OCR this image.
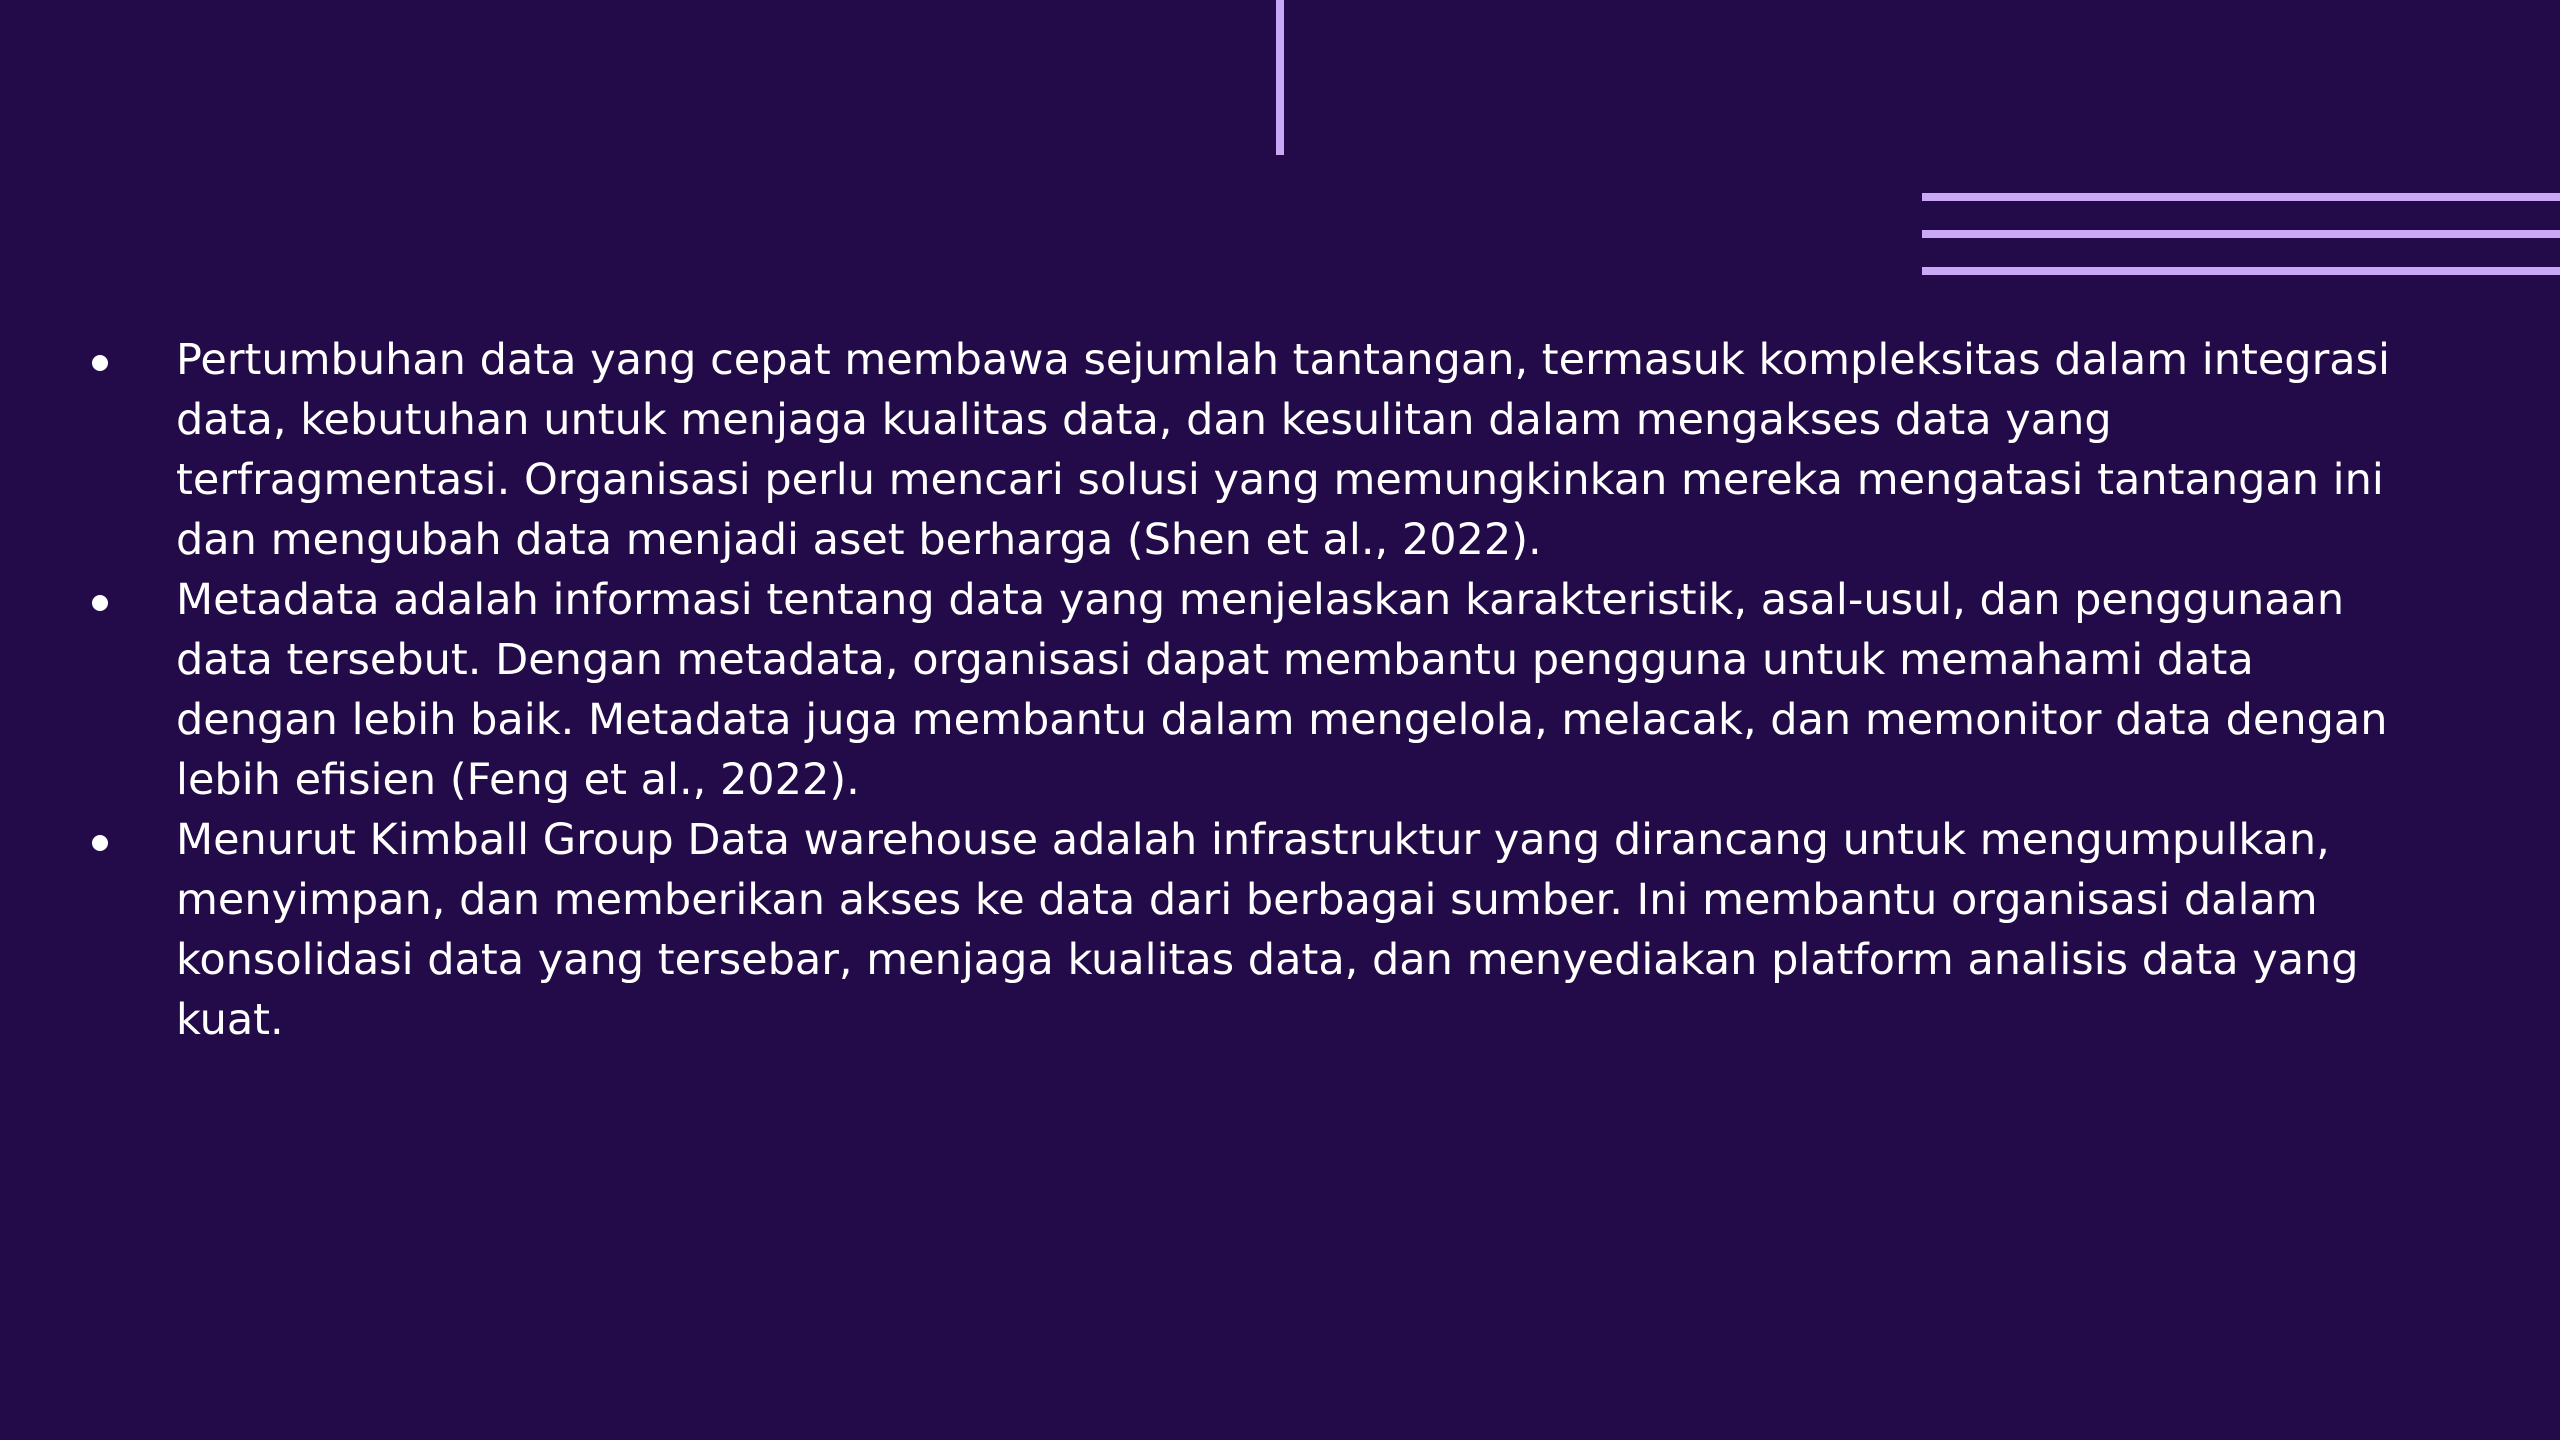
Pertumbuhan data yang cepat membawa sejumlah tantangan, termasuk kompleksitas dalam integrasi data, kebutuhan untuk menjaga kualitas data, dan kesulitan dalam mengakses data yang terfragmentasi. Organisasi perlu mencari solusi yang memungkinkan mereka mengatasi tantangan ini dan mengubah data menjadi aset berharga (Shen et al., 2022).
Metadata adalah informasi tentang data yang menjelaskan karakteristik, asal-usul, dan penggunaan data tersebut. Dengan metadata, organisasi dapat membantu pengguna untuk memahami data dengan lebih baik. Metadata juga membantu dalam mengelola, melacak, dan memonitor data dengan lebih efisien (Feng et al., 2022).
Menurut Kimball Group Data warehouse adalah infrastruktur yang dirancang untuk mengumpulkan, menyimpan, dan memberikan akses ke data dari berbagai sumber. Ini membantu organisasi dalam konsolidasi data yang tersebar, menjaga kualitas data, dan menyediakan platform analisis data yang kuat.
